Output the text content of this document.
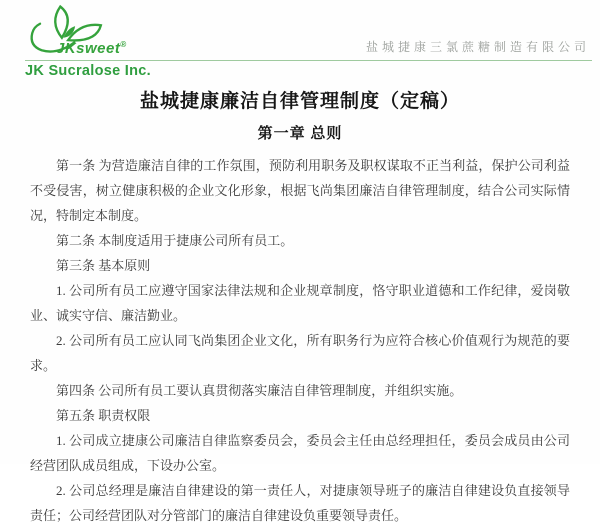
JKsweet®	盐城捷康三氯蔗糖制造有限公司
JK Sucralose Inc.
盐城捷康廉洁自律管理制度（定稿）
第一章 总则

第一条 为营造廉洁自律的工作氛围，预防利用职务及职权谋取不正当利益，保护公司利益不受侵害，树立健康积极的企业文化形象，根据飞尚集团廉洁自律管理制度，结合公司实际情况，特制定本制度。

第二条 本制度适用于捷康公司所有员工。

第三条 基本原则

1. 公司所有员工应遵守国家法律法规和企业规章制度，恪守职业道德和工作纪律，爱岗敬业、诚实守信、廉洁勤业。

2. 公司所有员工应认同飞尚集团企业文化，所有职务行为应符合核心价值观行为规范的要求。

第四条 公司所有员工要认真贯彻落实廉洁自律管理制度，并组织实施。

第五条 职责权限

1. 公司成立捷康公司廉洁自律监察委员会，委员会主任由总经理担任，委员会成员由公司经营团队成员组成，下设办公室。

2. 公司总经理是廉洁自律建设的第一责任人，对捷康领导班子的廉洁自律建设负直接领导责任；公司经营团队对分管部门的廉洁自律建设负重要领导责任。
